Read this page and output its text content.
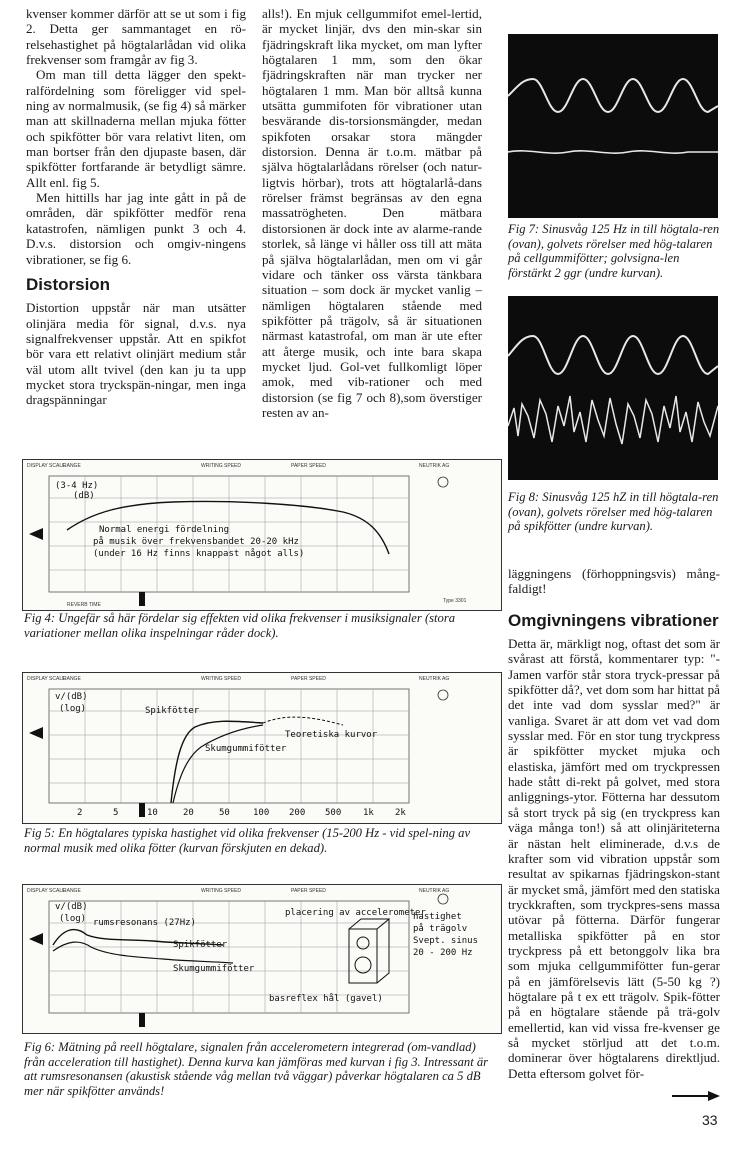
kvenser kommer därför att se ut som i fig 2. Detta ger sammantaget en rö-relsehastighet på högtalarlådan vid olika frekvenser som framgår av fig 3.

Om man till detta lägger den spekt-ralfördelning som föreligger vid spel-ning av normalmusik, (se fig 4) så märker man att skillnaderna mellan mjuka fötter och spikfötter bör vara relativt liten, om man bortser från den djupaste basen, där spikfötter fortfarande är betydligt sämre. Allt enl. fig 5.

Men hittills har jag inte gått in på de områden, där spikfötter medför rena katastrofen, nämligen punkt 3 och 4. D.v.s. distorsion och omgiv-ningens vibrationer, se fig 6.

Distorsion

Distortion uppstår när man utsätter olinjära media för signal, d.v.s. nya signalfrekvenser uppstår. Att en spikfot bör vara ett relativt olinjärt medium står väl utom allt tvivel (den kan ju ta upp mycket stora tryckspän-ningar, men inga dragspänningar

alls!). En mjuk cellgummifot emel-lertid, är mycket linjär, dvs den min-skar sin fjädringskraft lika mycket, om man lyfter högtalaren 1 mm, som den ökar fjädringskraften när man trycker ner högtalaren 1 mm. Man bör alltså kunna utsätta gummifoten för vibrationer utan besvärande dis-torsionsmängder, medan spikfoten orsakar stora mängder distorsion. Denna är t.o.m. mätbar på själva högtalarlådans rörelser (och natur-ligtvis hörbar), trots att högtalarlå-dans rörelser främst begränsas av den egna massatrögheten. Den mätbara distorsionen är dock inte av alarme-rande storlek, så länge vi håller oss till att mäta på själva högtalarlådan, men om vi går vidare och tänker oss värsta tänkbara situation – som dock är mycket vanlig – nämligen högtalaren stående med spikfötter på trägolv, så är situationen närmast katastrofal, om man är ute efter att återge musik, och inte bara skapa mycket ljud. Gol-vet fullkomligt löper amok, med vib-rationer och med distorsion (se fig 7 och 8),som överstiger resten av an-

Fig 7: Sinusvåg 125 Hz in till högtala-ren (ovan), golvets rörelser med hög-talaren på cellgummifötter; golvsigna-len förstärkt 2 ggr (undre kurvan).
Fig 8: Sinusvåg 125 hZ in till högtala-ren (ovan), golvets rörelser med hög-talaren på spikfötter (undre kurvan).

läggningens (förhoppningsvis) mång-faldigt!

Omgivningens vibrationer

Detta är, märkligt nog, oftast det som är svårast att förstå, kommentarer typ: "-Jamen varför står stora tryck-pressar på spikfötter då?, vet dom som har hittat på det inte vad dom sysslar med?" är vanliga. Svaret är att dom vet vad dom sysslar med. För en stor tung tryckpress är spikfötter mycket mjuka och elastiska, jämfört med om tryckpressen hade stått di-rekt på golvet, med stora anliggnings-ytor. Fötterna har dessutom så stort tryck på sig (en tryckpress kan väga många ton!) så att olinjäriteterna är nästan helt eliminerade, d.v.s de krafter som vid vibration uppstår som resultat av spikarnas fjädringskon-stant är mycket små, jämfört med den statiska tryckkraften, som tryckpres-sens massa utövar på fötterna. Därför fungerar metalliska spikfötter på en stor tryckpress på ett betonggolv lika bra som mjuka cellgummifötter fun-gerar på en jämförelsevis lätt (5-50 kg ?) högtalare på t ex ett trägolv. Spik-fötter på en högtalare stående på trä-golv emellertid, kan vid vissa fre-kvenser ge så mycket störljud att det t.o.m. dominerar över högtalarens direktljud. Detta eftersom golvet för-

DISPLAY SCALE
RANGE	WRITING SPEED	PAPER SPEED	NEUTRIK AG
(3-4 Hz)
(dB)
Normal energi fördelning
på musik över frekvensbandet 20-20 kHz
(under 16 Hz finns knappast något alls)
REVERB TIME
Type 3301
Fig 4: Ungefär så här fördelar sig effekten vid olika frekvenser i musiksignaler (stora variationer mellan olika inspelningar råder dock).
DISPLAY SCALE
RANGE	WRITING SPEED	PAPER SPEED	NEUTRIK AG
v/(dB)
(log)	Spikfötter
Skumgummifötter
Teoretiska kurvor
2	5	10	20	50	100 200 500 1k 2k
Fig 5: En högtalares typiska hastighet vid olika frekvenser (15-200 Hz - vid spel-ning av normal musik med olika fötter (kurvan förskjuten en dekad).
DISPLAY SCALE
RANGE	WRITING SPEED	PAPER SPEED	NEUTRIK AG
v/(dB)
(log) rumsresonans (27Hz)
Spikfötter
Skumgummifötter
placering av accelerometer
basreflex hål (gavel)
hastighet
på trägolv
Svept. sinus
20 - 200 Hz
Fig 6: Mätning på reell högtalare, signalen från accelerometern integrerad (om-vandlad) från acceleration till hastighet). Denna kurva kan jämföras med kurvan i fig 3. Intressant är att rumsresonansen (akustisk stående våg mellan två väggar) påverkar högtalaren ca 5 dB mer när spikfötter används!
33
